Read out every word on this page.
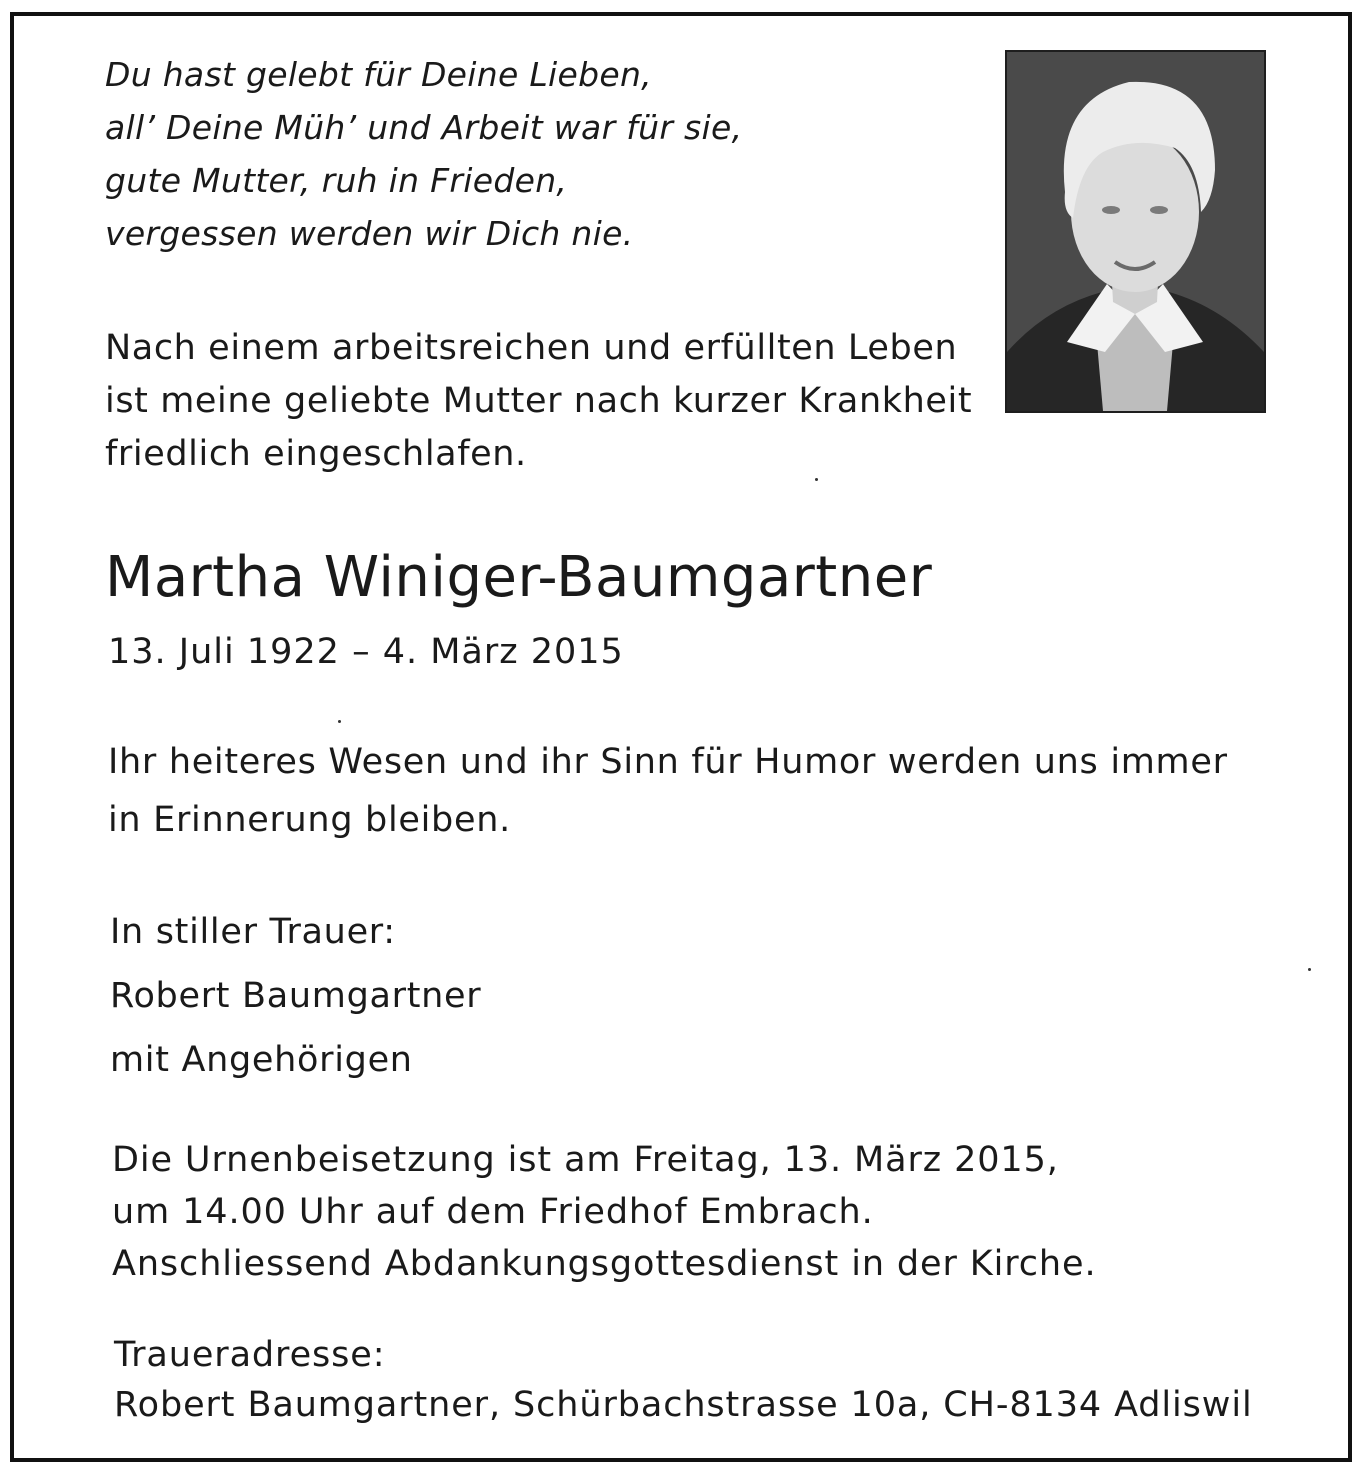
Du hast gelebt für Deine Lieben,
all’ Deine Müh’ und Arbeit war für sie,
gute Mutter, ruh in Frieden,
vergessen werden wir Dich nie.
Nach einem arbeitsreichen und erfüllten Leben
ist meine geliebte Mutter nach kurzer Krankheit
friedlich eingeschlafen.
Martha Winiger-Baumgartner
13. Juli 1922 – 4. März 2015
Ihr heiteres Wesen und ihr Sinn für Humor werden uns immer
in Erinnerung bleiben.
In stiller Trauer:
Robert Baumgartner
mit Angehörigen
Die Urnenbeisetzung ist am Freitag, 13. März 2015,
um 14.00 Uhr auf dem Friedhof Embrach.
Anschliessend Abdankungsgottesdienst in der Kirche.
Traueradresse:
Robert Baumgartner, Schürbachstrasse 10a, CH-8134 Adliswil
